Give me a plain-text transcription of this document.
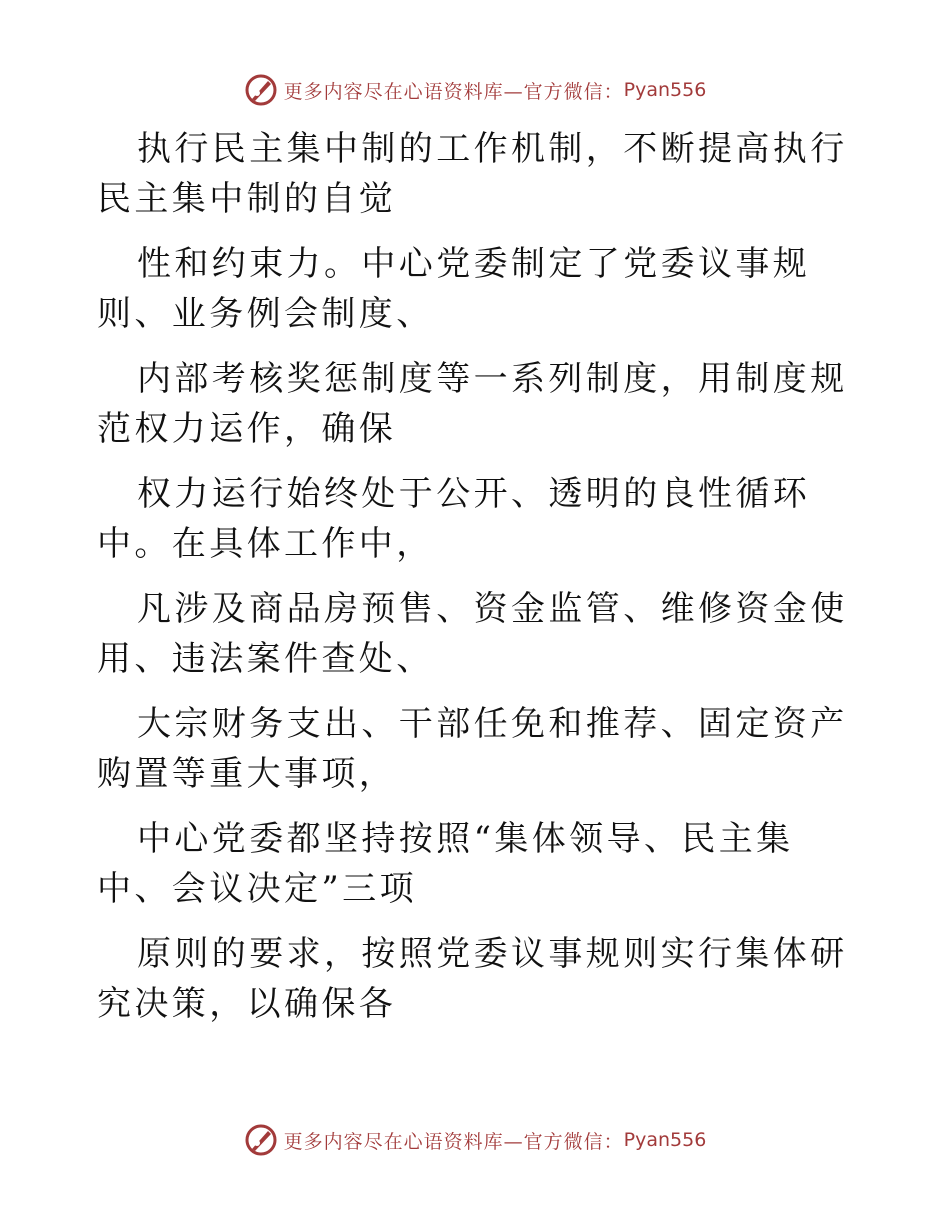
更多内容尽在心语资料库—官方微信： Pyan556

执行民主集中制的工作机制，不断提高执行民主集中制的自觉

性和约束力。中心党委制定了党委议事规则、业务例会制度、

内部考核奖惩制度等一系列制度，用制度规范权力运作，确保

权力运行始终处于公开、透明的良性循环中。在具体工作中，

凡涉及商品房预售、资金监管、维修资金使用、违法案件查处、

大宗财务支出、干部任免和推荐、固定资产购置等重大事项，

中心党委都坚持按照“集体领导、民主集中、会议决定”三项

原则的要求，按照党委议事规则实行集体研究决策，以确保各

更多内容尽在心语资料库—官方微信： Pyan556
